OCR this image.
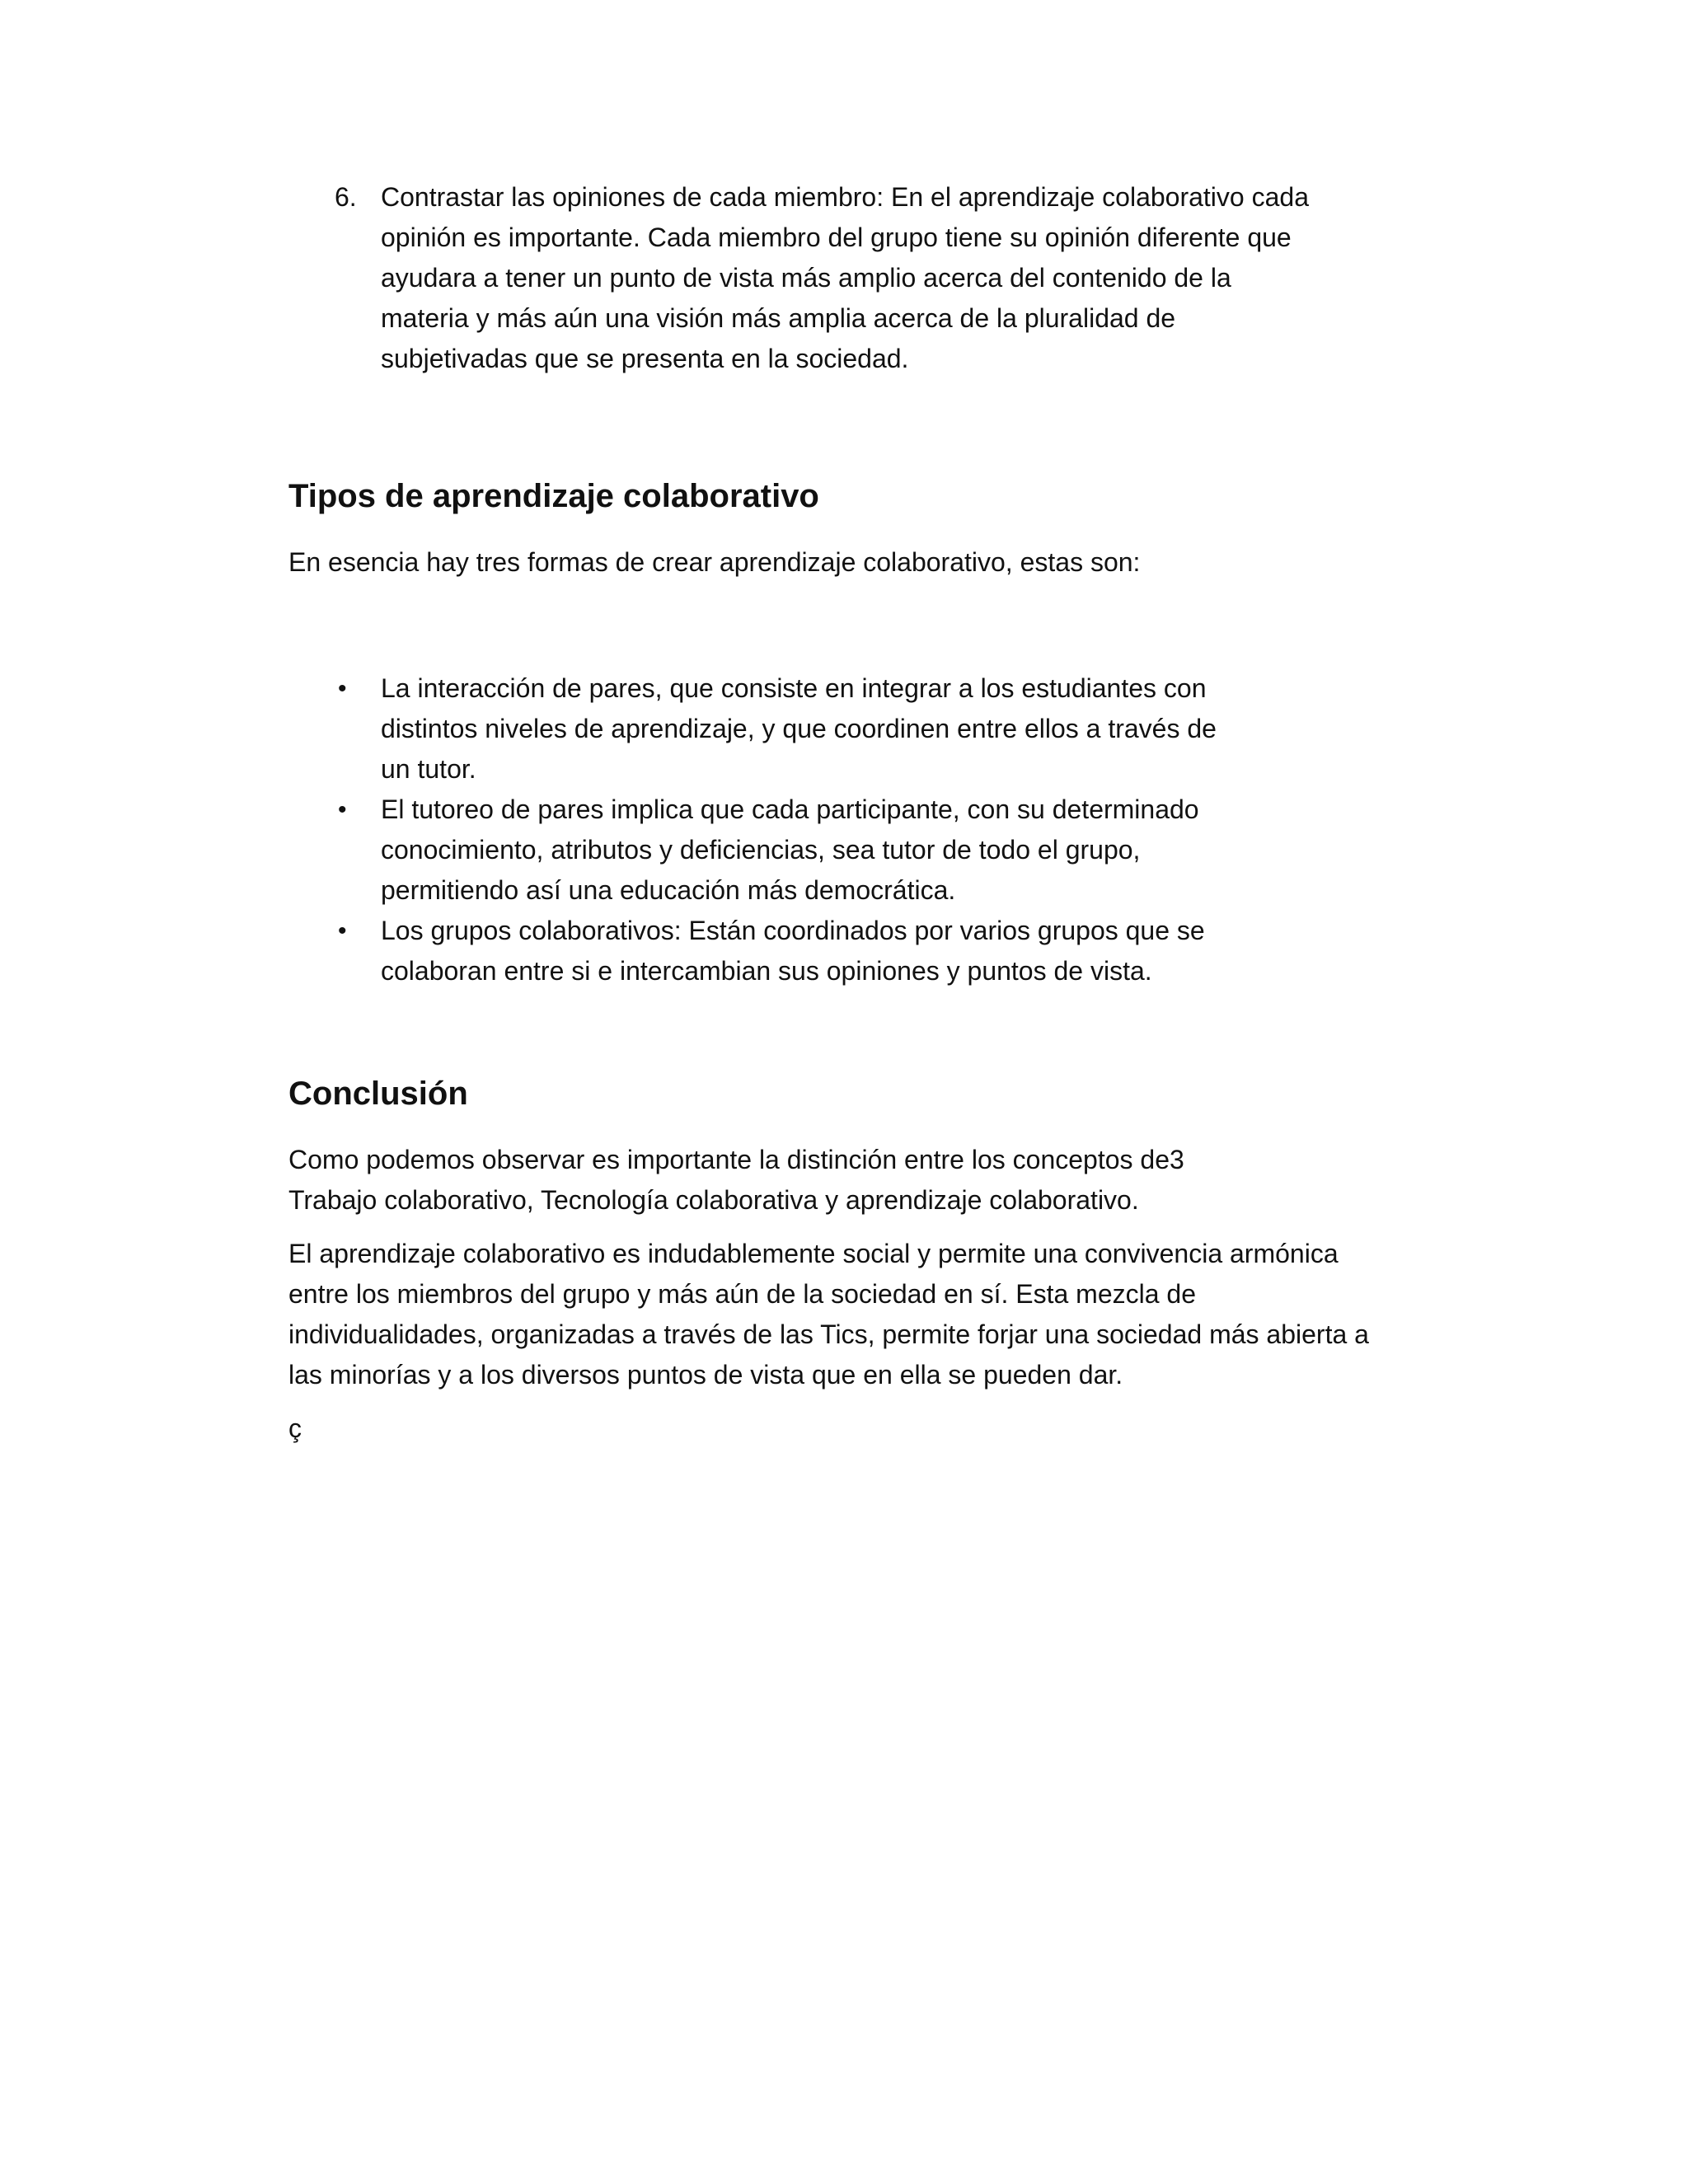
6. Contrastar las opiniones de cada miembro: En el aprendizaje colaborativo cada opinión es importante. Cada miembro del grupo tiene su opinión diferente que ayudara a tener un punto de vista más amplio acerca del contenido de la materia y más aún una visión más amplia acerca de la pluralidad de subjetivadas que se presenta en la sociedad.
Tipos de aprendizaje colaborativo

En esencia hay tres formas de crear aprendizaje colaborativo, estas son:

• La interacción de pares, que consiste en integrar a los estudiantes con distintos niveles de aprendizaje, y que coordinen entre ellos a través de un tutor.
• El tutoreo de pares implica que cada participante, con su determinado conocimiento, atributos y deficiencias, sea tutor de todo el grupo, permitiendo así una educación más democrática.
• Los grupos colaborativos: Están coordinados por varios grupos que se colaboran entre si e intercambian sus opiniones y puntos de vista.
Conclusión

Como podemos observar es importante la distinción entre los conceptos de3 Trabajo colaborativo, Tecnología colaborativa y aprendizaje colaborativo.

El aprendizaje colaborativo es indudablemente social y permite una convivencia armónica entre los miembros del grupo y más aún de la sociedad en sí. Esta mezcla de individualidades, organizadas a través de las Tics, permite forjar una sociedad más abierta a las minorías y a los diversos puntos de vista que en ella se pueden dar.

ç
